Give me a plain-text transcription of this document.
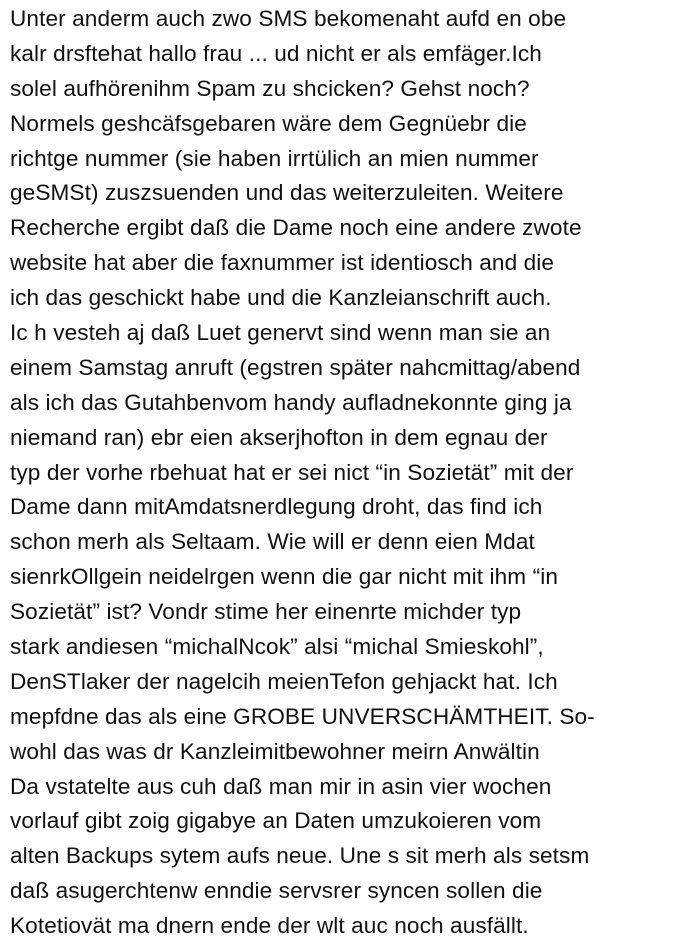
Unter anderm auch zwo SMS bekomenaht aufd en obe
kalr drsftehat hallo frau ... ud nicht er als emfäger.Ich
solel aufhörenihm Spam zu shcicken? Gehst noch?
Normels geshcäfsgebaren wäre dem Gegnüebr die
richtge nummer (sie haben irrtülich an mien nummer
geSMSt) zuszsuenden und das weiterzuleiten. Weitere
Recherche ergibt daß die Dame noch eine andere zwote
website hat aber die faxnummer ist identiosch and die
ich das geschickt habe und die Kanzleianschrift auch.
Ic h vesteh aj daß Luet genervt sind wenn man sie an
einem Samstag anruft (egstren später nahcmittag/abend
als ich das Gutahbenvom handy aufladnekonnte ging ja
niemand ran) ebr eien akserjhofton in dem egnau der
typ der vorhe rbehuat hat er sei nict “in Sozietät” mit der
Dame dann mitAmdatsnerdlegung droht, das find ich
schon merh als Seltaam. Wie will er denn eien Mdat
sienrkOllgein neidelrgen wenn die gar nicht mit ihm “in
Sozietät” ist? Vondr stime her einenrte michder typ
stark andiesen “michalNcok” alsi “michal Smieskohl”,
DenSTlaker der nagelcih meienTefon gehjackt hat. Ich
mepfdne das als eine GROBE UNVERSCHÄMTHEIT. So-
wohl das was dr Kanzleimitbewohner meirn Anwältin
Da vstatelte aus cuh daß man mir in asin vier wochen
vorlauf gibt zoig gigabye an Daten umzukoieren vom
alten Backups sytem aufs neue. Une s sit merh als setsm
daß asugerchtenw enndie servsrer syncen sollen die
Kotetiovät ma dnern ende der wlt auc noch ausfällt.
